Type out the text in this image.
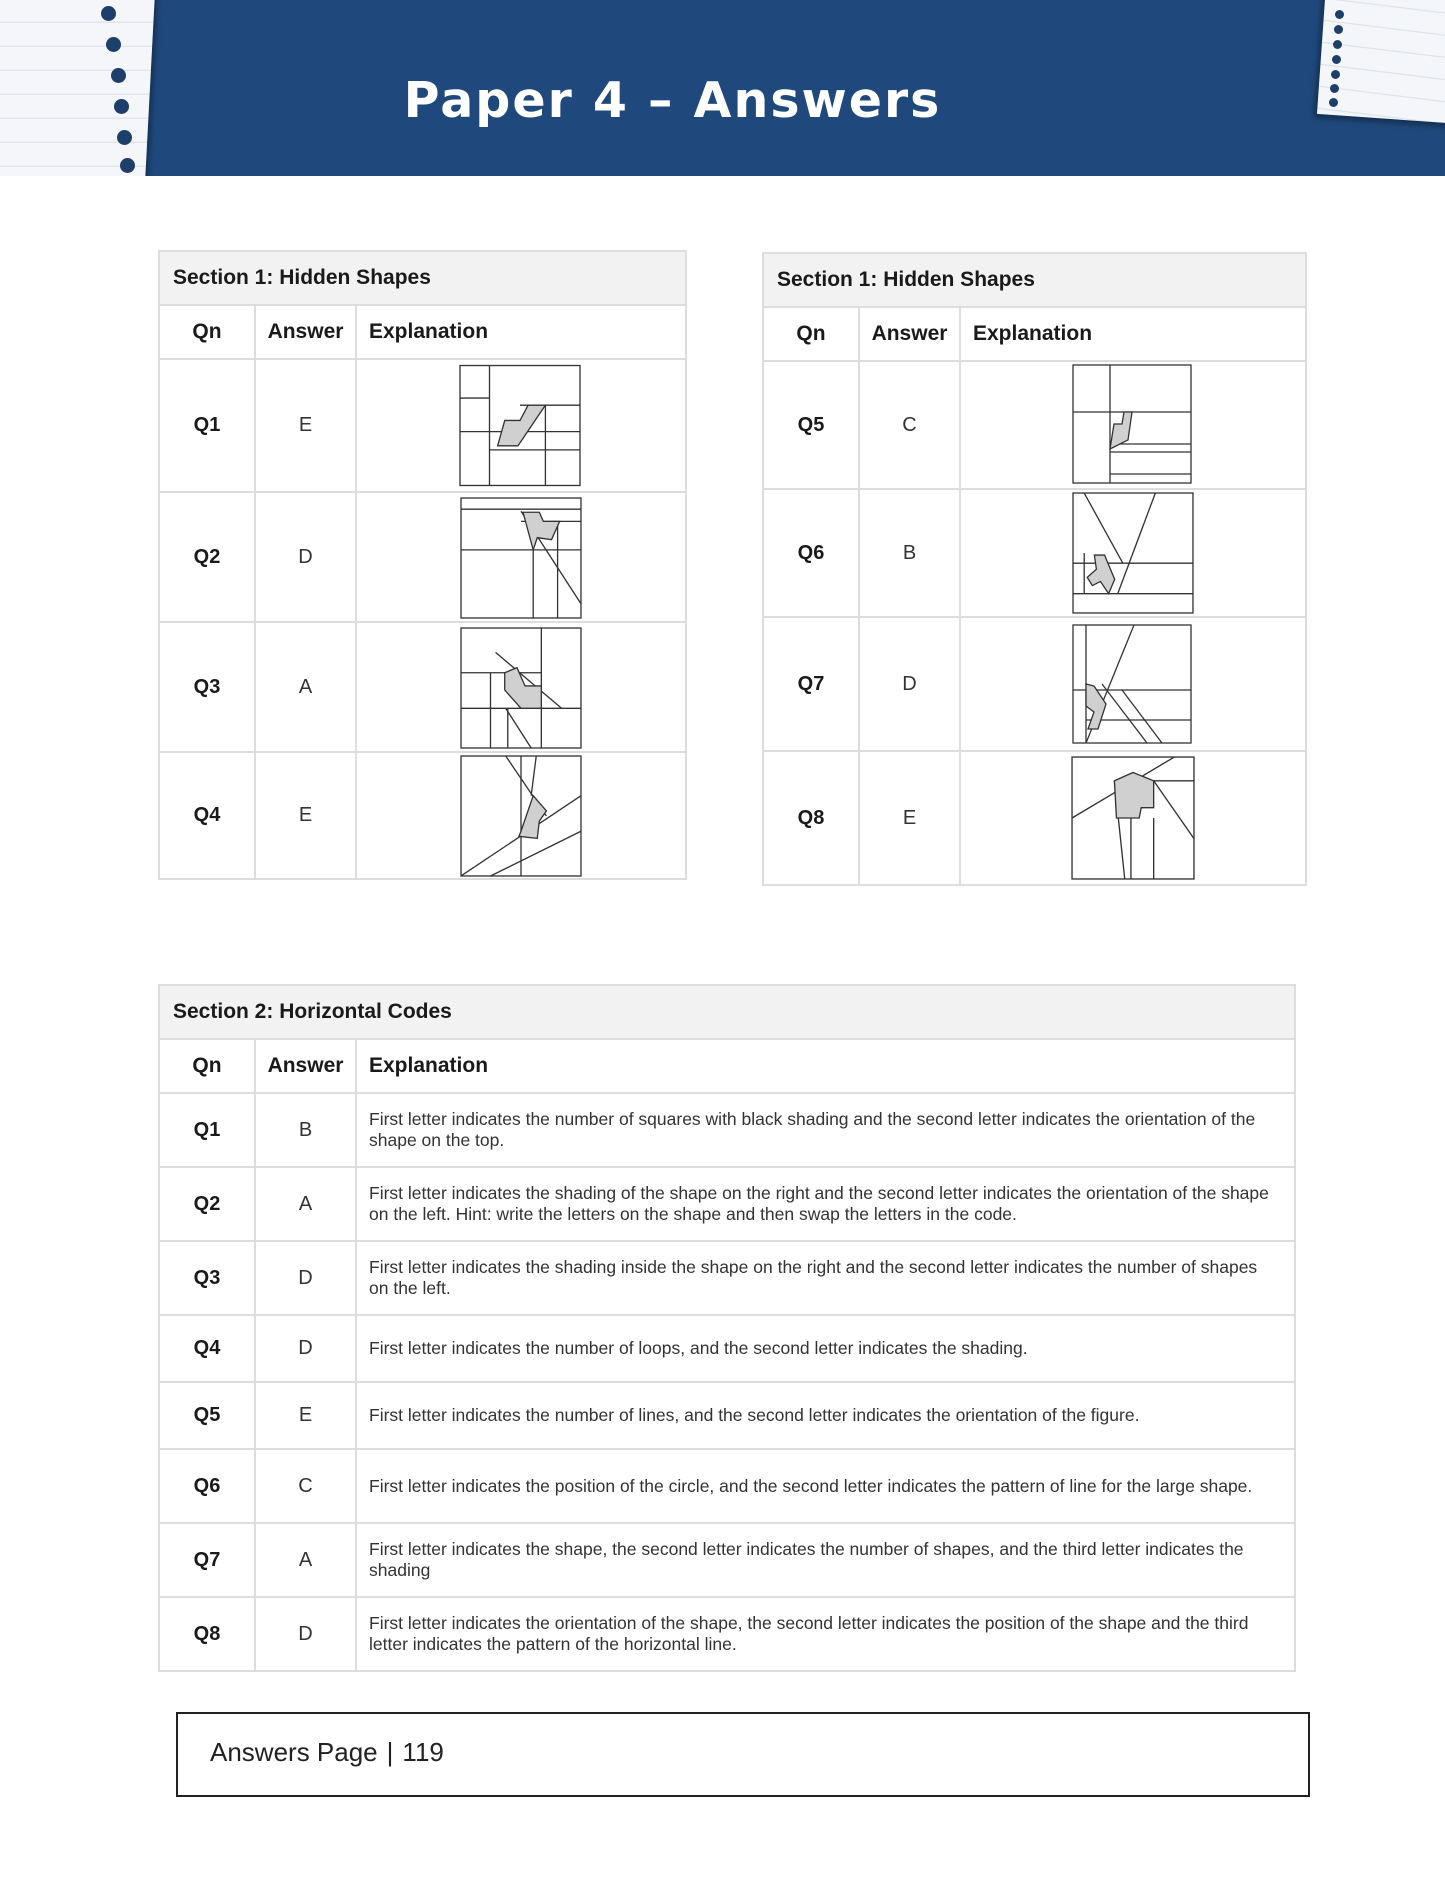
Paper 4 – Answers
Section 1: Hidden Shapes		
Qn	Answer	Explanation
Q1	E	

Q2	D	

Q3	A	

Q4	E	
Section 1: Hidden Shapes		
Qn	Answer	Explanation
Q5	C	

Q6	B	

Q7	D	

Q8	E	
Section 2: Horizontal Codes		
Qn	Answer	Explanation
Q1	B	First letter indicates the number of squares with black shading and the second letter indicates the orientation of the shape on the top.
Q2	A	First letter indicates the shading of the shape on the right and the second letter indicates the orientation of the shape on the left. Hint: write the letters on the shape and then swap the letters in the code.
Q3	D	First letter indicates the shading inside the shape on the right and the second letter indicates the number of shapes on the left.
Q4	D	First letter indicates the number of loops, and the second letter indicates the shading.
Q5	E	First letter indicates the number of lines, and the second letter indicates the orientation of the figure.
Q6	C	First letter indicates the position of the circle, and the second letter indicates the pattern of line for the large shape.
Q7	A	First letter indicates the shape, the second letter indicates the number of shapes, and the third letter indicates the shading
Q8	D	First letter indicates the orientation of the shape, the second letter indicates the position of the shape and the third letter indicates the pattern of the horizontal line.
Answers Page | 119
